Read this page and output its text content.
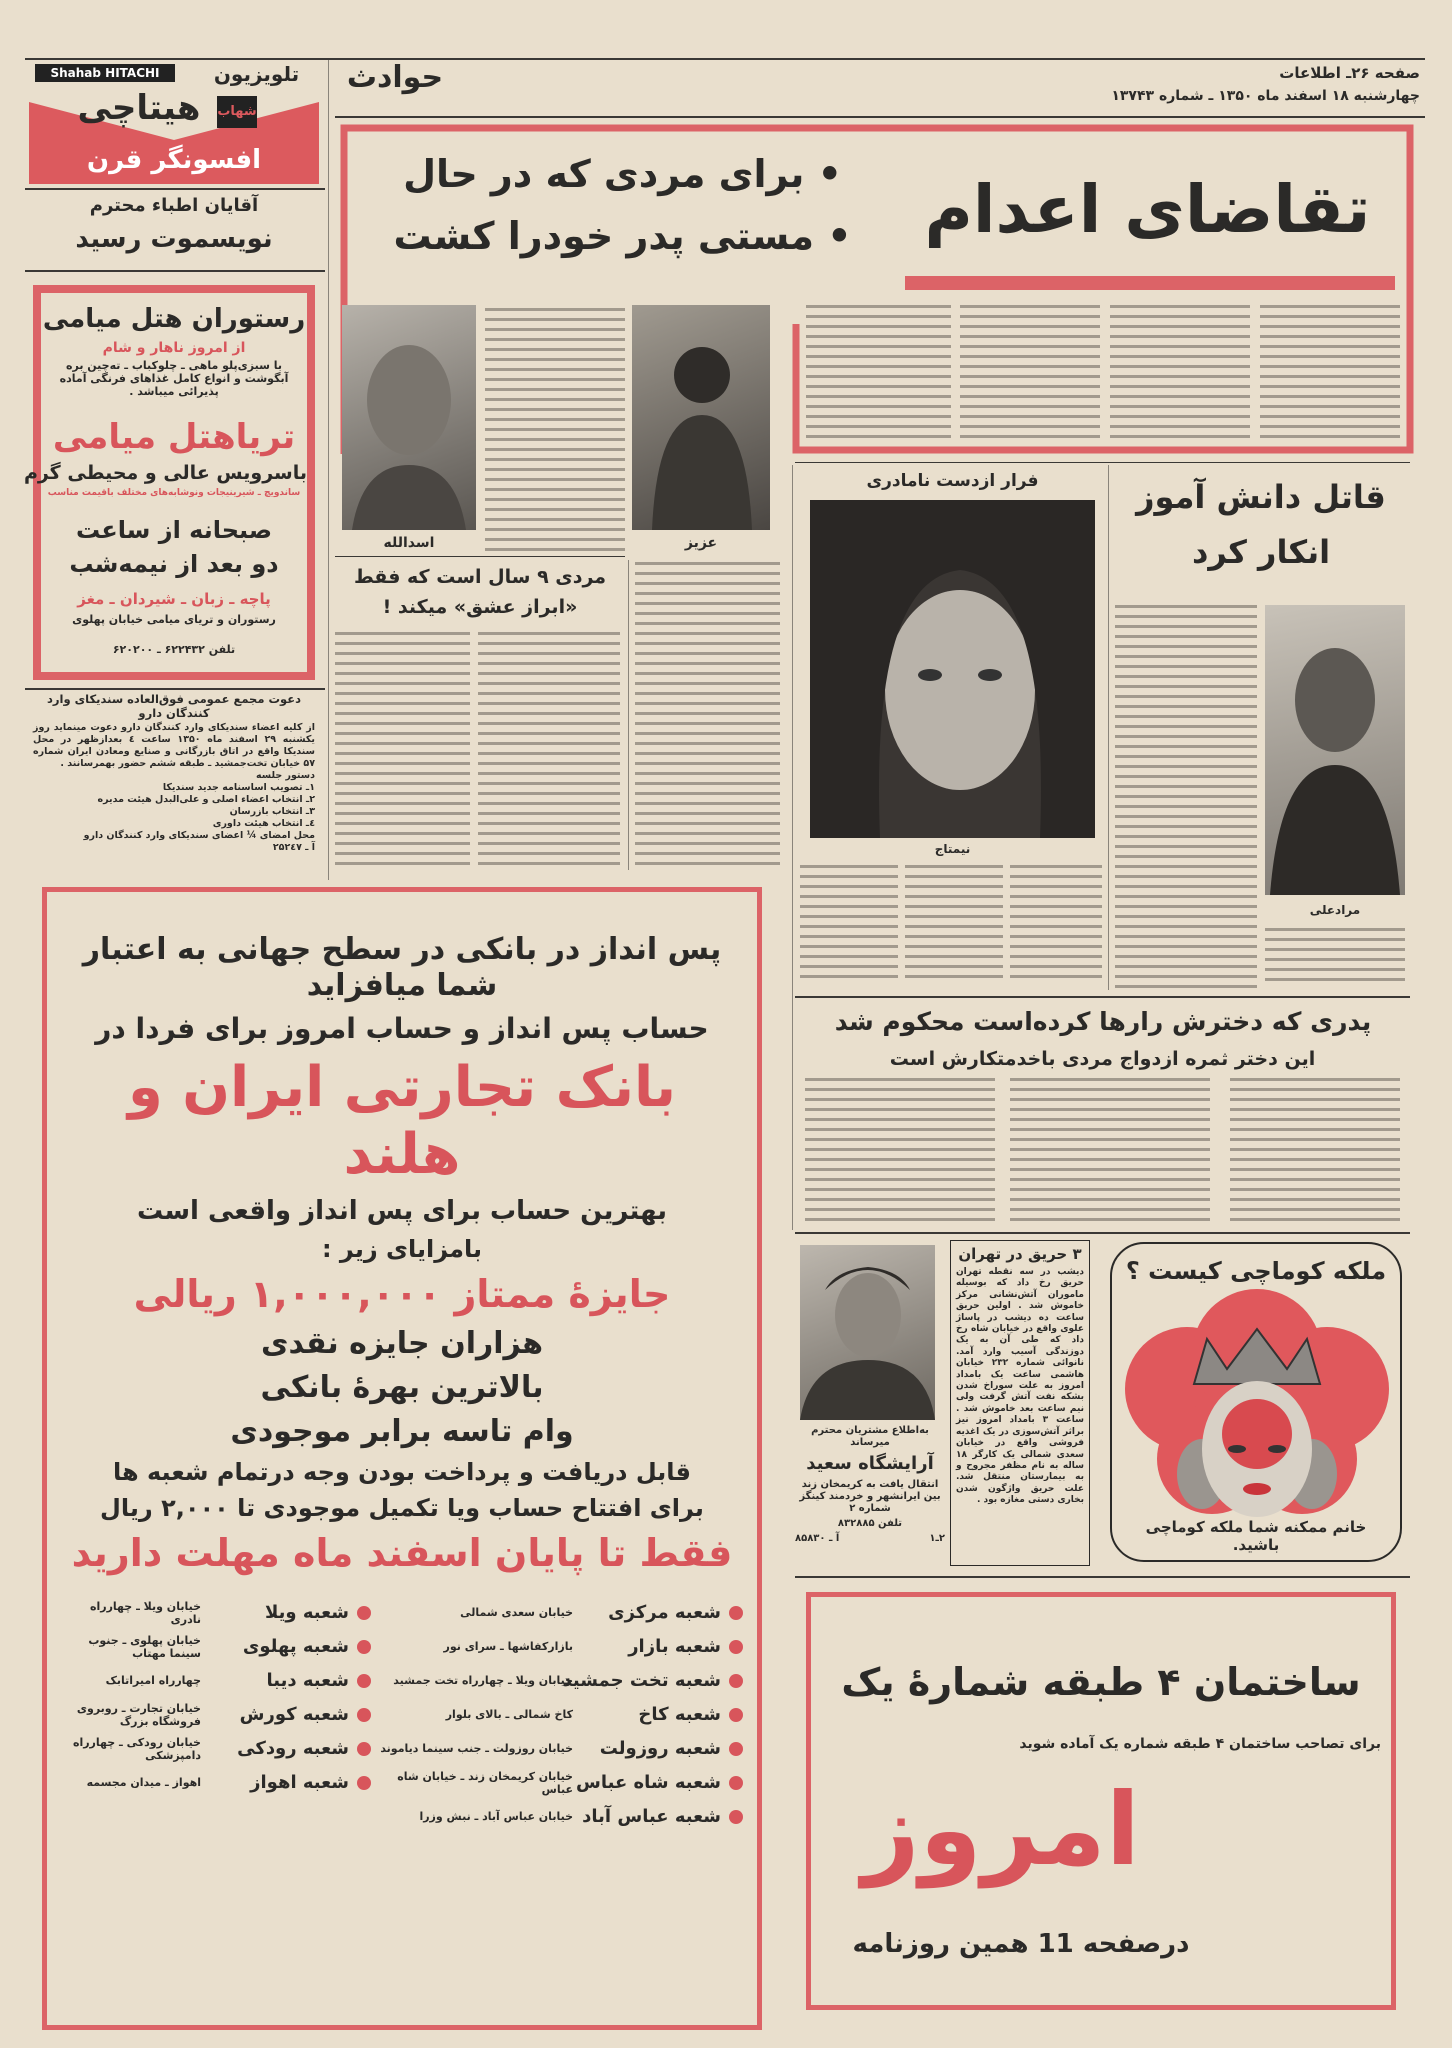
حوادث	صفحه ۲۶ـ اطلاعات
چهارشنبه ۱۸ اسفند ماه ۱۳۵۰ ـ شماره ۱۳۷۴۳
Shahab HITACHI	تلویزیون
هیتاچی	شهاب
افسونگر قرن
آقایان اطباء محترم
نویسموت رسید
رستوران هتل میامی
از امروز ناهار و شام
با سبزی‌پلو ماهی ـ چلوکباب ـ ته‌چین بره آبگوشت و انواع کامل غذاهای فرنگی آماده پذیرائی میباشد .
تریاهتل میامی
باسرویس عالی و محیطی گرم
ساندویچ ـ شیرینیجات ونوشابه‌های مختلف باقیمت مناسب
صبحانه از ساعت
دو بعد از نیمه‌شب
پاچه ـ زبان ـ شیردان ـ مغز
رستوران و تریای میامی خیابان پهلوی
تلفن ۶۲۲۴۳۲ ـ ۶۲۰۲۰۰
دعوت مجمع عمومی فوق‌العاده سندیکای وارد کنندگان دارو
از کلیه اعضاء سندیکای وارد کنندگان دارو دعوت مینماید روز یکشنبه ۲۹ اسفند ماه ۱۳۵۰ ساعت ٤ بعدازظهر در محل سندیکا واقع در اتاق بازرگانی و صنایع ومعادن ایران شماره ۵۷ خیابان تخت‌جمشید ـ طبقه ششم حضور بهمرسانند .
دستور جلسه
۱ـ تصویب اساسنامه جدید سندیکا
۲ـ انتخاب اعضاء اصلی و علی‌البدل هیئت مدیره
۳ـ انتخاب بازرسان
٤ـ انتخاب هیئت داوری
محل امضای ¼ اعضای سندیکای وارد کنندگان دارو
آ ـ ۲۵۲٤۷
تقاضای اعدام
• برای مردی که در حال
• مستی پدر خودرا کشت
عزیز
اسدالله
مردی ۹ سال است که فقط «ابراز عشق» میکند !
فرار ازدست نامادری
نیمتاج
قاتل دانش آموز
انکار کرد
مرادعلی
پدری که دخترش رارها کرده‌است محکوم شد
این دختر ثمره ازدواج مردی باخدمتکارش است
پس انداز در بانکی در سطح جهانی به اعتبار شما میافزاید
حساب پس انداز و حساب امروز برای فردا در
بانک تجارتی ایران و هلند
بهترین حساب برای پس انداز واقعی است
بامزایای زیر :
جایزهٔ ممتاز ۱,۰۰۰,۰۰۰ ریالی
هزاران جایزه نقدی
بالاترین بهرهٔ بانکی
وام تاسه برابر موجودی
قابل دریافت و پرداخت بودن وجه درتمام شعبه ها
برای افتتاح حساب ویا تکمیل موجودی تا ۲,۰۰۰ ریال
فقط تا پایان اسفند ماه مهلت دارید
شعبه مرکزی
خیابان سعدی شمالی
شعبه بازار
بازارکفاشها ـ سرای نور
شعبه تخت جمشید
خیابان ویلا ـ چهارراه تخت جمشید
شعبه کاخ
کاخ شمالی ـ بالای بلوار
شعبه روزولت
خیابان روزولت ـ جنب سینما دیاموند
شعبه شاه عباس
خیابان کریمخان زند ـ خیابان شاه عباس
شعبه عباس آباد
خیابان عباس آباد ـ نبش وزرا
شعبه ویلا
خیابان ویلا ـ چهارراه نادری
شعبه پهلوی
خیابان پهلوی ـ جنوب سینما مهتاب
شعبه دیبا
چهارراه امیراتابک
شعبه کورش
خیابان تجارت ـ روبروی فروشگاه بزرگ
شعبه رودکی
خیابان رودکی ـ چهارراه دامپزشکی
شعبه اهواز
اهواز ـ میدان مجسمه
به‌اطلاع مشتریان محترم میرساند
آرایشگاه سعید
انتقال یافت به کریمخان زند بین ایرانشهر و خردمند کینگز شماره ۲
تلفن ۸۳۲۸۸۵
آ ـ ۸۵۸۳۰	۲ـ۱
۳ حریق در تهران
دیشب در سه نقطه تهران حریق رخ داد که بوسیله ماموران آتش‌نشانی مرکز خاموش شد . اولین حریق ساعت ده دیشب در پاساژ علوی واقع در خیابان شاه رخ داد که طی آن به یک دوزندگی آسیب وارد آمد. نانوائی شماره ۲۳۲ خیابان هاشمی ساعت یک بامداد امروز به علت سوراخ شدن بشکه نفت آتش گرفت ولی نیم ساعت بعد خاموش شد . ساعت ۳ بامداد امروز نیز براثر آتش‌سوزی در یک اغذیه فروشی واقع در خیابان سعدی شمالی یک کارگر ۱۸ ساله به نام مظفر مجروح و به بیمارستان منتقل شد. علت حریق واژگون شدن بخاری دستی مغازه بود .
ملکه کوماچی کیست ؟
خانم ممکنه شما ملکه کوماچی باشید.
ساختمان ۴ طبقه شمارهٔ یک
برای تصاحب ساختمان ۴ طبقه شماره یک آماده شوید
امروز
درصفحه 11 همین روزنامه
